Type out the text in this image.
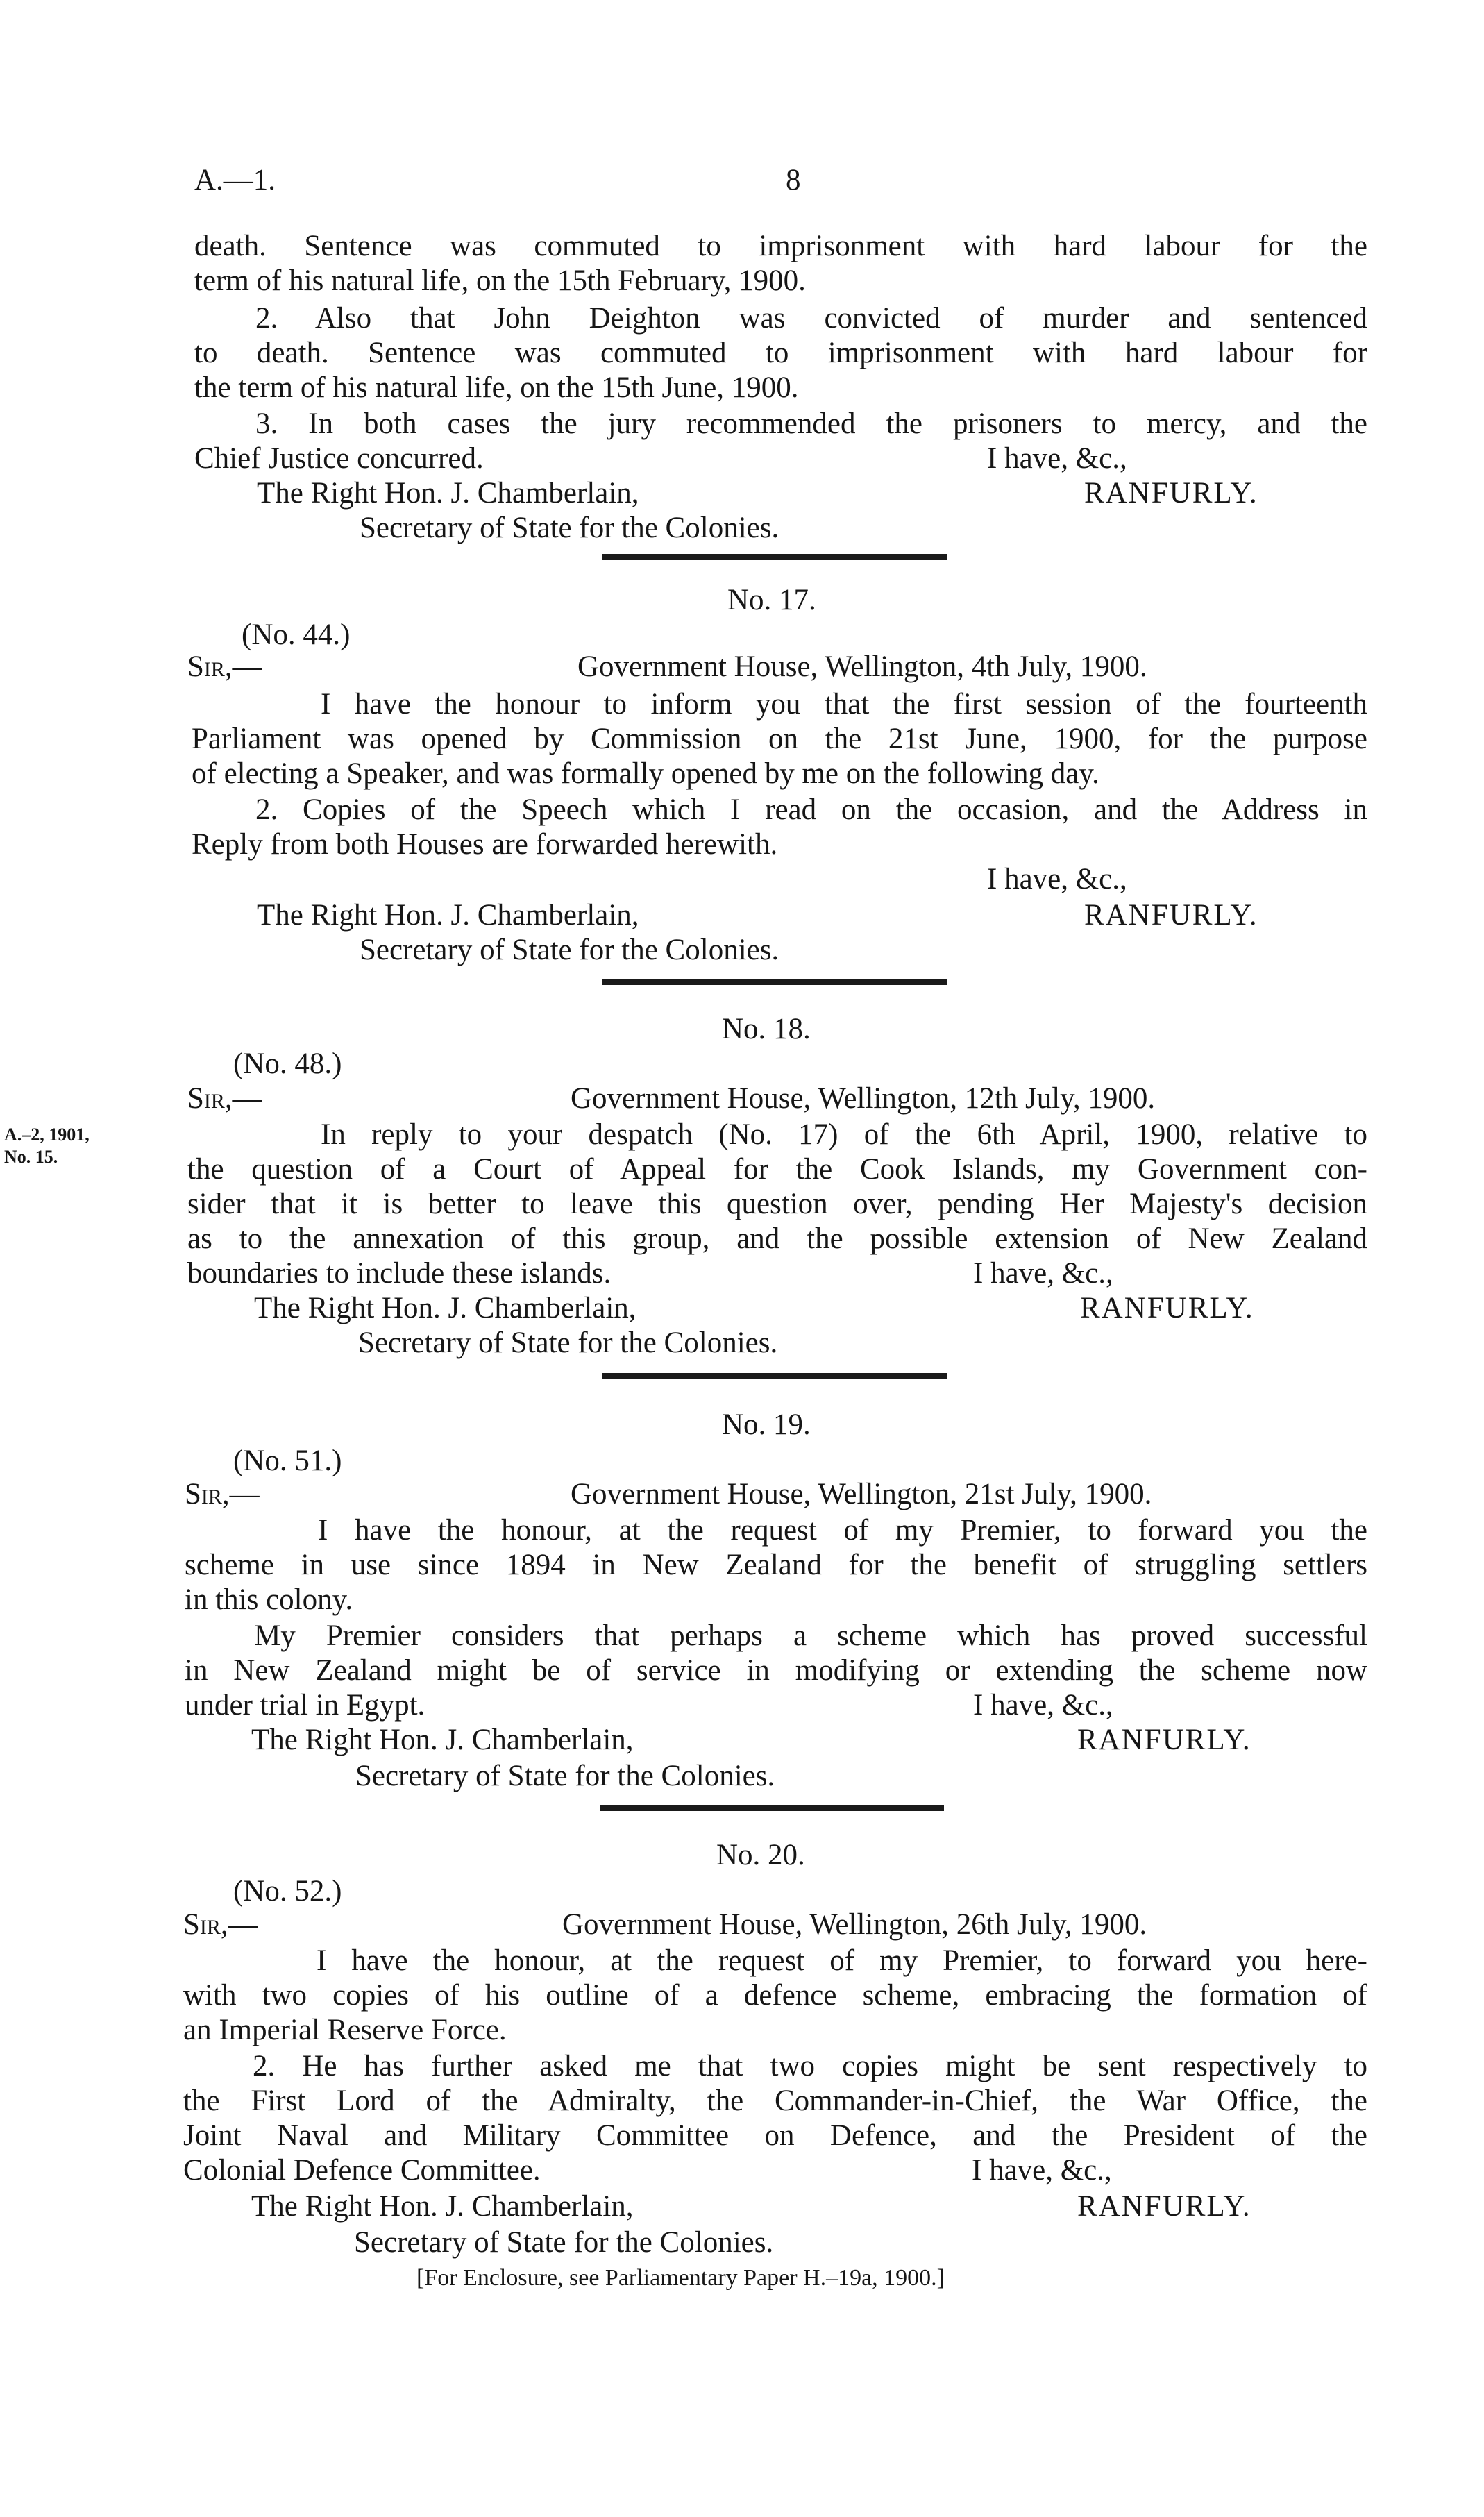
A.—1.	8
death. Sentence was commuted to imprisonment with hard labour for the
term of his natural life, on the 15th February, 1900.
2. Also that John Deighton was convicted of murder and sentenced
to death. Sentence was commuted to imprisonment with hard labour for
the term of his natural life, on the 15th June, 1900.
3. In both cases the jury recommended the prisoners to mercy, and the
Chief Justice concurred.	I have, &c.,
The Right Hon. J. Chamberlain,	RANFURLY.
Secretary of State for the Colonies.
No. 17.
(No. 44.)
Sir,—	Government House, Wellington, 4th July, 1900.
I have the honour to inform you that the first session of the fourteenth
Parliament was opened by Commission on the 21st June, 1900, for the purpose
of electing a Speaker, and was formally opened by me on the following day.
2. Copies of the Speech which I read on the occasion, and the Address in
Reply from both Houses are forwarded herewith.
I have, &c.,
The Right Hon. J. Chamberlain,	RANFURLY.
Secretary of State for the Colonies.
No. 18.
(No. 48.)
Sir,—	Government House, Wellington, 12th July, 1900.
A.–2, 1901,
No. 15.
In reply to your despatch (No. 17) of the 6th April, 1900, relative to
the question of a Court of Appeal for the Cook Islands, my Government con-
sider that it is better to leave this question over, pending Her Majesty's decision
as to the annexation of this group, and the possible extension of New Zealand
boundaries to include these islands.	I have, &c.,
The Right Hon. J. Chamberlain,	RANFURLY.
Secretary of State for the Colonies.
No. 19.
(No. 51.)
Sir,—	Government House, Wellington, 21st July, 1900.
I have the honour, at the request of my Premier, to forward you the
scheme in use since 1894 in New Zealand for the benefit of struggling settlers
in this colony.
My Premier considers that perhaps a scheme which has proved successful
in New Zealand might be of service in modifying or extending the scheme now
under trial in Egypt.	I have, &c.,
The Right Hon. J. Chamberlain,	RANFURLY.
Secretary of State for the Colonies.
No. 20.
(No. 52.)
Sir,—	Government House, Wellington, 26th July, 1900.
I have the honour, at the request of my Premier, to forward you here-
with two copies of his outline of a defence scheme, embracing the formation of
an Imperial Reserve Force.
2. He has further asked me that two copies might be sent respectively to
the First Lord of the Admiralty, the Commander-in-Chief, the War Office, the
Joint Naval and Military Committee on Defence, and the President of the
Colonial Defence Committee.	I have, &c.,
The Right Hon. J. Chamberlain,	RANFURLY.
Secretary of State for the Colonies.
[For Enclosure, see Parliamentary Paper H.–19a, 1900.]
